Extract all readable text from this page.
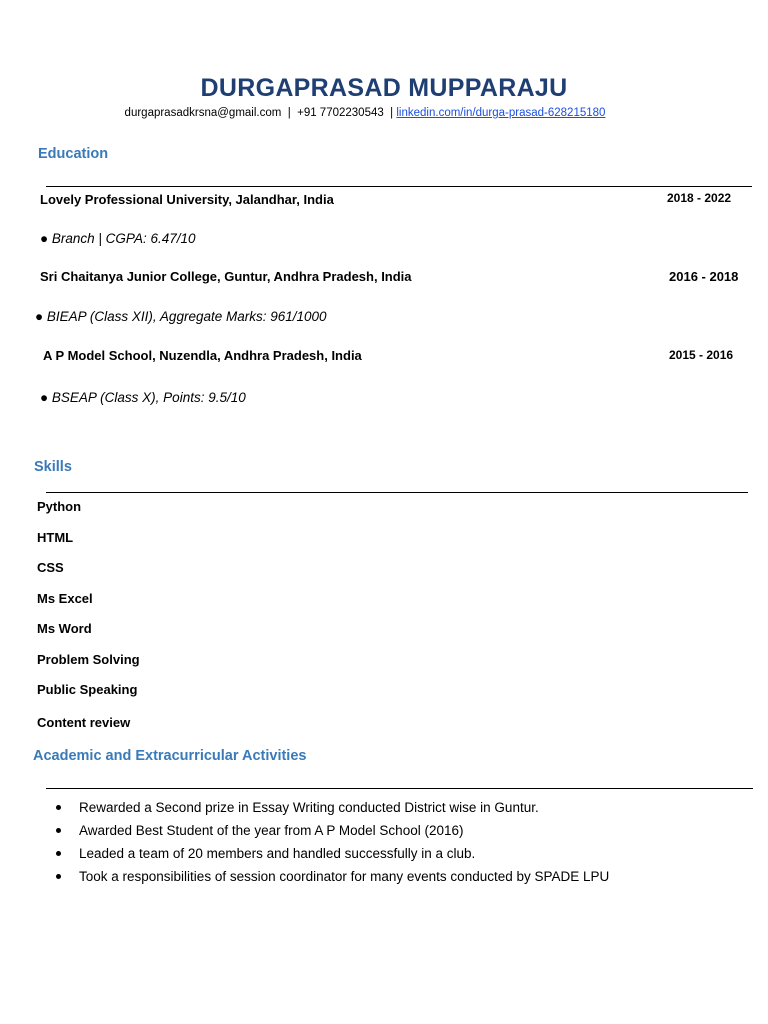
DURGAPRASAD MUPPARAJU
durgaprasadkrsna@gmail.com | +91 7702230543 | linkedin.com/in/durga-prasad-628215180
Education
Lovely Professional University, Jalandhar, India	2018 - 2022
● Branch | CGPA: 6.47/10
Sri Chaitanya Junior College, Guntur, Andhra Pradesh, India	2016 - 2018
● BIEAP (Class XII), Aggregate Marks: 961/1000
A P Model School, Nuzendla, Andhra Pradesh, India	2015 - 2016
● BSEAP (Class X), Points: 9.5/10
Skills
Python
HTML
CSS
Ms Excel
Ms Word
Problem Solving
Public Speaking
Content review
Academic and Extracurricular Activities
Rewarded a Second prize in Essay Writing conducted District wise in Guntur.
Awarded Best Student of the year from A P Model School (2016)
Leaded a team of 20 members and handled successfully in a club.
Took a responsibilities of session coordinator for many events conducted by SPADE LPU
